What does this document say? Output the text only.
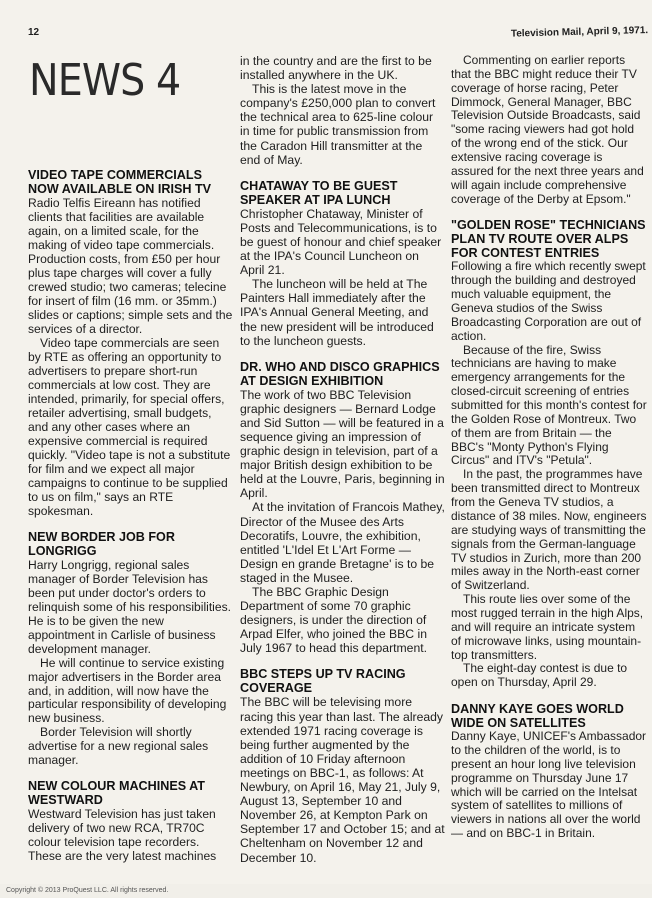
12	Television Mail, April 9, 1971.
NEWS 4
VIDEO TAPE COMMERCIALS NOW AVAILABLE ON IRISH TV
Radio Telfis Eireann has notified clients that facilities are available again, on a limited scale, for the making of video tape commercials. Production costs, from £50 per hour plus tape charges will cover a fully crewed studio; two cameras; telecine for insert of film (16 mm. or 35mm.) slides or captions; simple sets and the services of a director.
Video tape commercials are seen by RTE as offering an opportunity to advertisers to prepare short-run commercials at low cost. They are intended, primarily, for special offers, retailer advertising, small budgets, and any other cases where an expensive commercial is required quickly. "Video tape is not a substitute for film and we expect all major campaigns to continue to be supplied to us on film," says an RTE spokesman.
NEW BORDER JOB FOR LONGRIGG
Harry Longrigg, regional sales manager of Border Television has been put under doctor's orders to relinquish some of his responsibilities. He is to be given the new appointment in Carlisle of business development manager.
He will continue to service existing major advertisers in the Border area and, in addition, will now have the particular responsibility of developing new business.
Border Television will shortly advertise for a new regional sales manager.
NEW COLOUR MACHINES AT WESTWARD
Westward Television has just taken delivery of two new RCA, TR70C colour television tape recorders. These are the very latest machines
in the country and are the first to be installed anywhere in the UK.
This is the latest move in the company's £250,000 plan to convert the technical area to 625-line colour in time for public transmission from the Caradon Hill transmitter at the end of May.
CHATAWAY TO BE GUEST SPEAKER AT IPA LUNCH
Christopher Chataway, Minister of Posts and Telecommunications, is to be guest of honour and chief speaker at the IPA's Council Luncheon on April 21.
The luncheon will be held at The Painters Hall immediately after the IPA's Annual General Meeting, and the new president will be introduced to the luncheon guests.
DR. WHO AND DISCO GRAPHICS AT DESIGN EXHIBITION
The work of two BBC Television graphic designers — Bernard Lodge and Sid Sutton — will be featured in a sequence giving an impression of graphic design in television, part of a major British design exhibition to be held at the Louvre, Paris, beginning in April.
At the invitation of Francois Mathey, Director of the Musee des Arts Decoratifs, Louvre, the exhibition, entitled 'L'Idel Et L'Art Forme — Design en grande Bretagne' is to be staged in the Musee.
The BBC Graphic Design Department of some 70 graphic designers, is under the direction of Arpad Elfer, who joined the BBC in July 1967 to head this department.
BBC STEPS UP TV RACING COVERAGE
The BBC will be televising more racing this year than last. The already extended 1971 racing coverage is being further augmented by the addition of 10 Friday afternoon meetings on BBC-1, as follows: At Newbury, on April 16, May 21, July 9, August 13, September 10 and November 26, at Kempton Park on September 17 and October 15; and at Cheltenham on November 12 and December 10.
Commenting on earlier reports that the BBC might reduce their TV coverage of horse racing, Peter Dimmock, General Manager, BBC Television Outside Broadcasts, said "some racing viewers had got hold of the wrong end of the stick. Our extensive racing coverage is assured for the next three years and will again include comprehensive coverage of the Derby at Epsom."
"GOLDEN ROSE" TECHNICIANS PLAN TV ROUTE OVER ALPS FOR CONTEST ENTRIES
Following a fire which recently swept through the building and destroyed much valuable equipment, the Geneva studios of the Swiss Broadcasting Corporation are out of action.
Because of the fire, Swiss technicians are having to make emergency arrangements for the closed-circuit screening of entries submitted for this month's contest for the Golden Rose of Montreux. Two of them are from Britain — the BBC's "Monty Python's Flying Circus" and ITV's "Petula".
In the past, the programmes have been transmitted direct to Montreux from the Geneva TV studios, a distance of 38 miles. Now, engineers are studying ways of transmitting the signals from the German-language TV studios in Zurich, more than 200 miles away in the North-east corner of Switzerland.
This route lies over some of the most rugged terrain in the high Alps, and will require an intricate system of microwave links, using mountain-top transmitters.
The eight-day contest is due to open on Thursday, April 29.
DANNY KAYE GOES WORLD WIDE ON SATELLITES
Danny Kaye, UNICEF's Ambassador to the children of the world, is to present an hour long live television programme on Thursday June 17 which will be carried on the Intelsat system of satellites to millions of viewers in nations all over the world — and on BBC-1 in Britain.
Copyright © 2013 ProQuest LLC. All rights reserved.
